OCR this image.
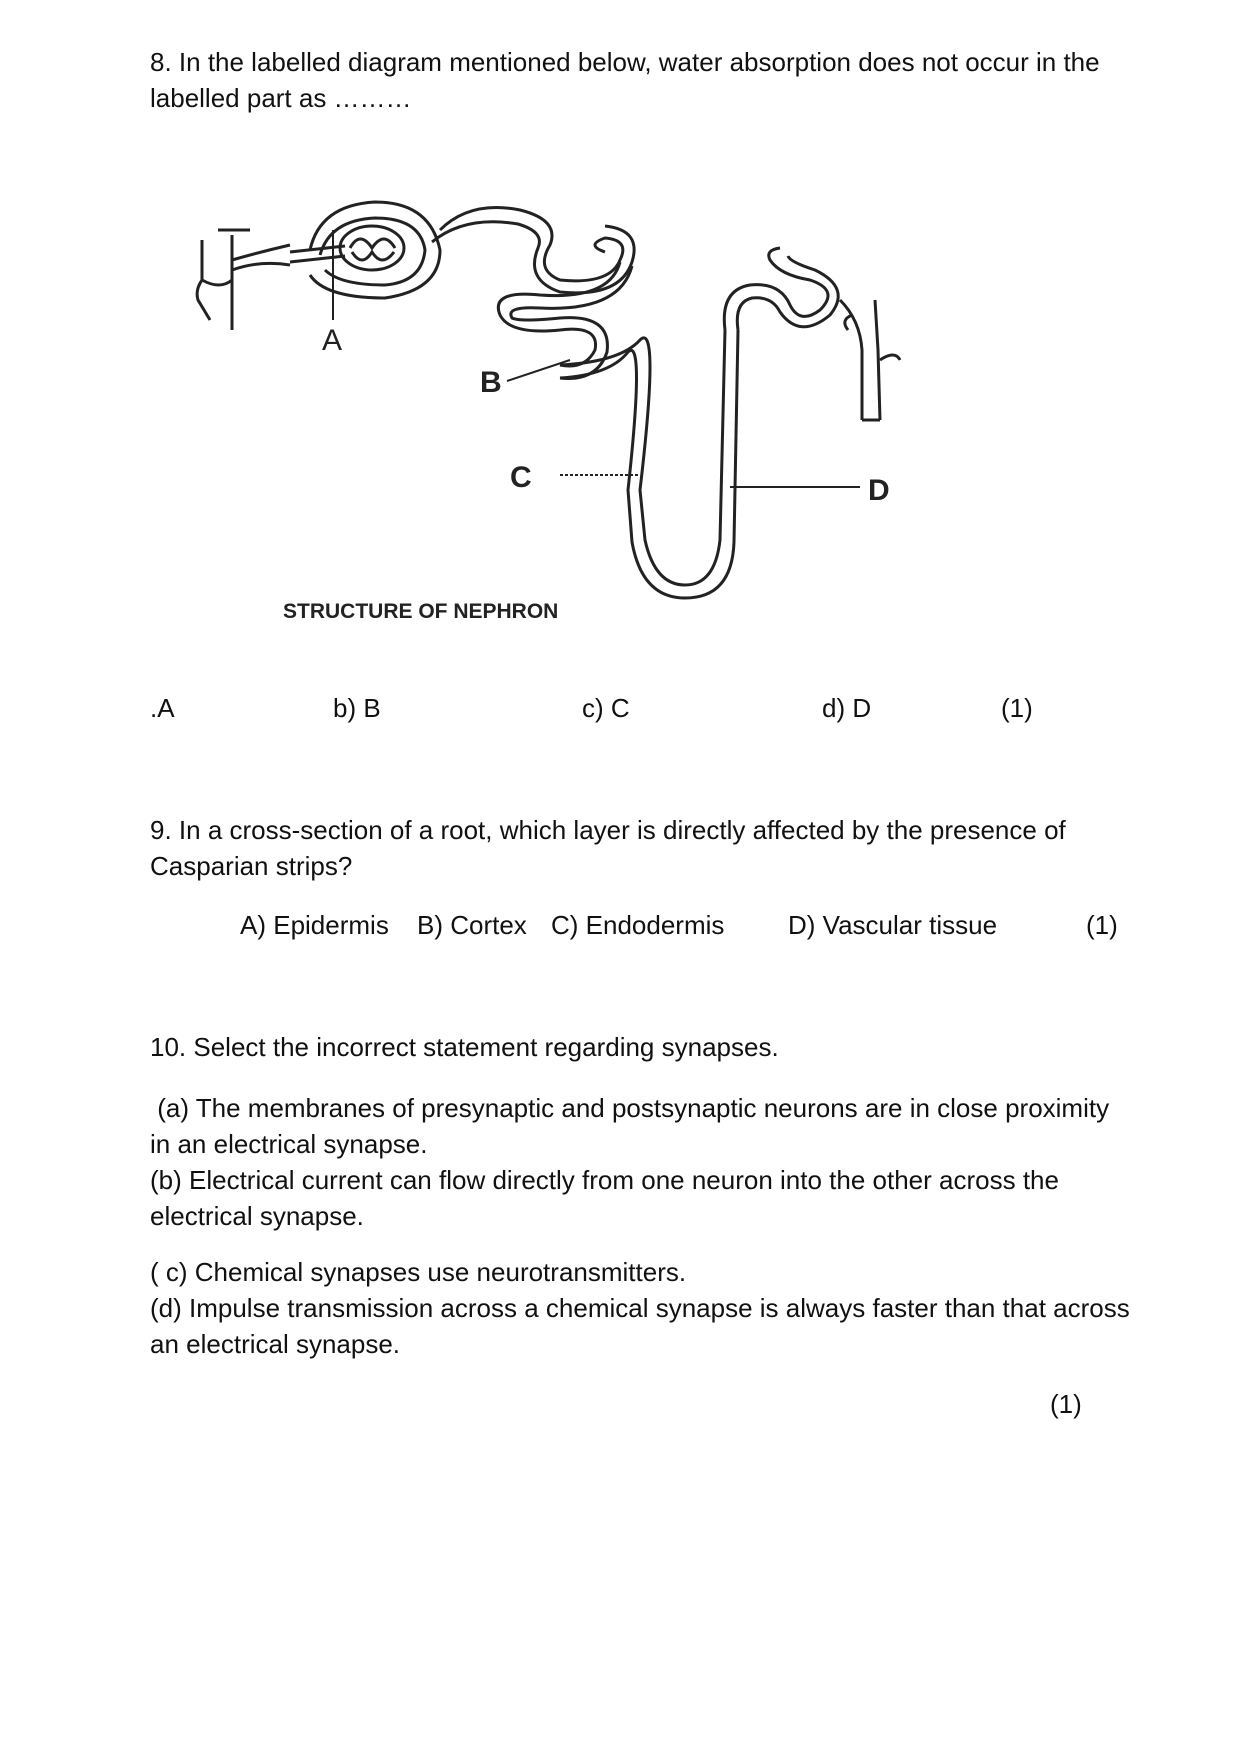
8. In the labelled diagram mentioned below, water absorption does not occur in the

labelled part as ………

A
B
C	D
STRUCTURE OF NEPHRON
.A	b) B	c) C	d) D	(1)

9. In a cross-section of a root, which layer is directly affected by the presence of

Casparian strips?

A) Epidermis B) Cortex C) Endodermis D) Vascular tissue	(1)
10. Select the incorrect statement regarding synapses.

(a) The membranes of presynaptic and postsynaptic neurons are in close proximity

in an electrical synapse.

(b) Electrical current can flow directly from one neuron into the other across the

electrical synapse.

( c) Chemical synapses use neurotransmitters.

(d) Impulse transmission across a chemical synapse is always faster than that across

an electrical synapse.

(1)
